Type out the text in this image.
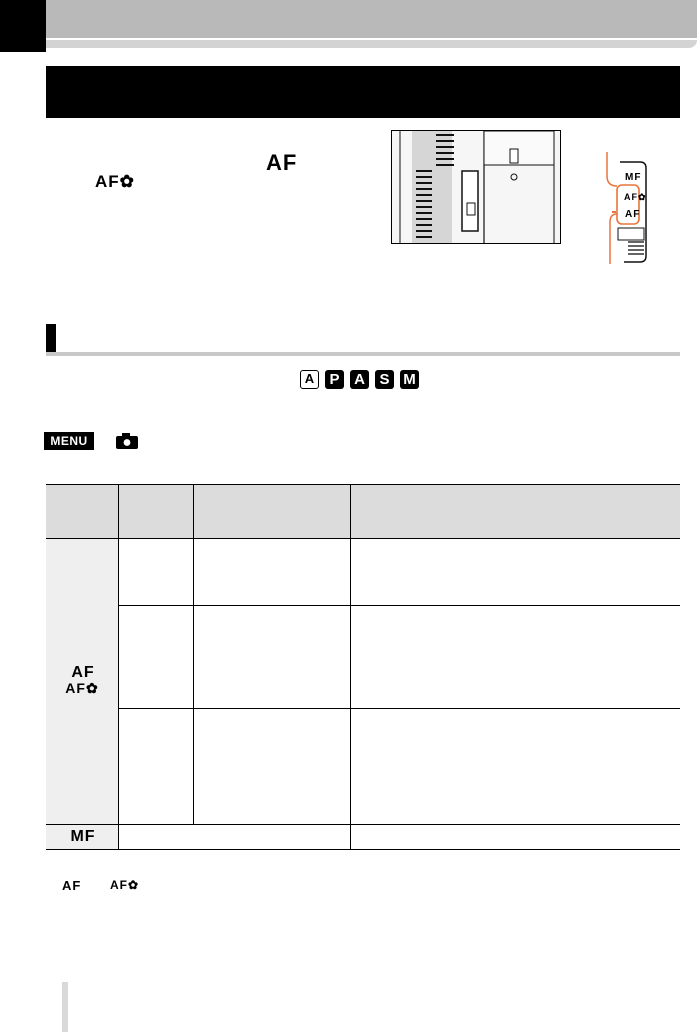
AF
AF✿	MF
AF✿
AF
A	P A S M
MENU
AF
AF✿
MF
AF AF✿
